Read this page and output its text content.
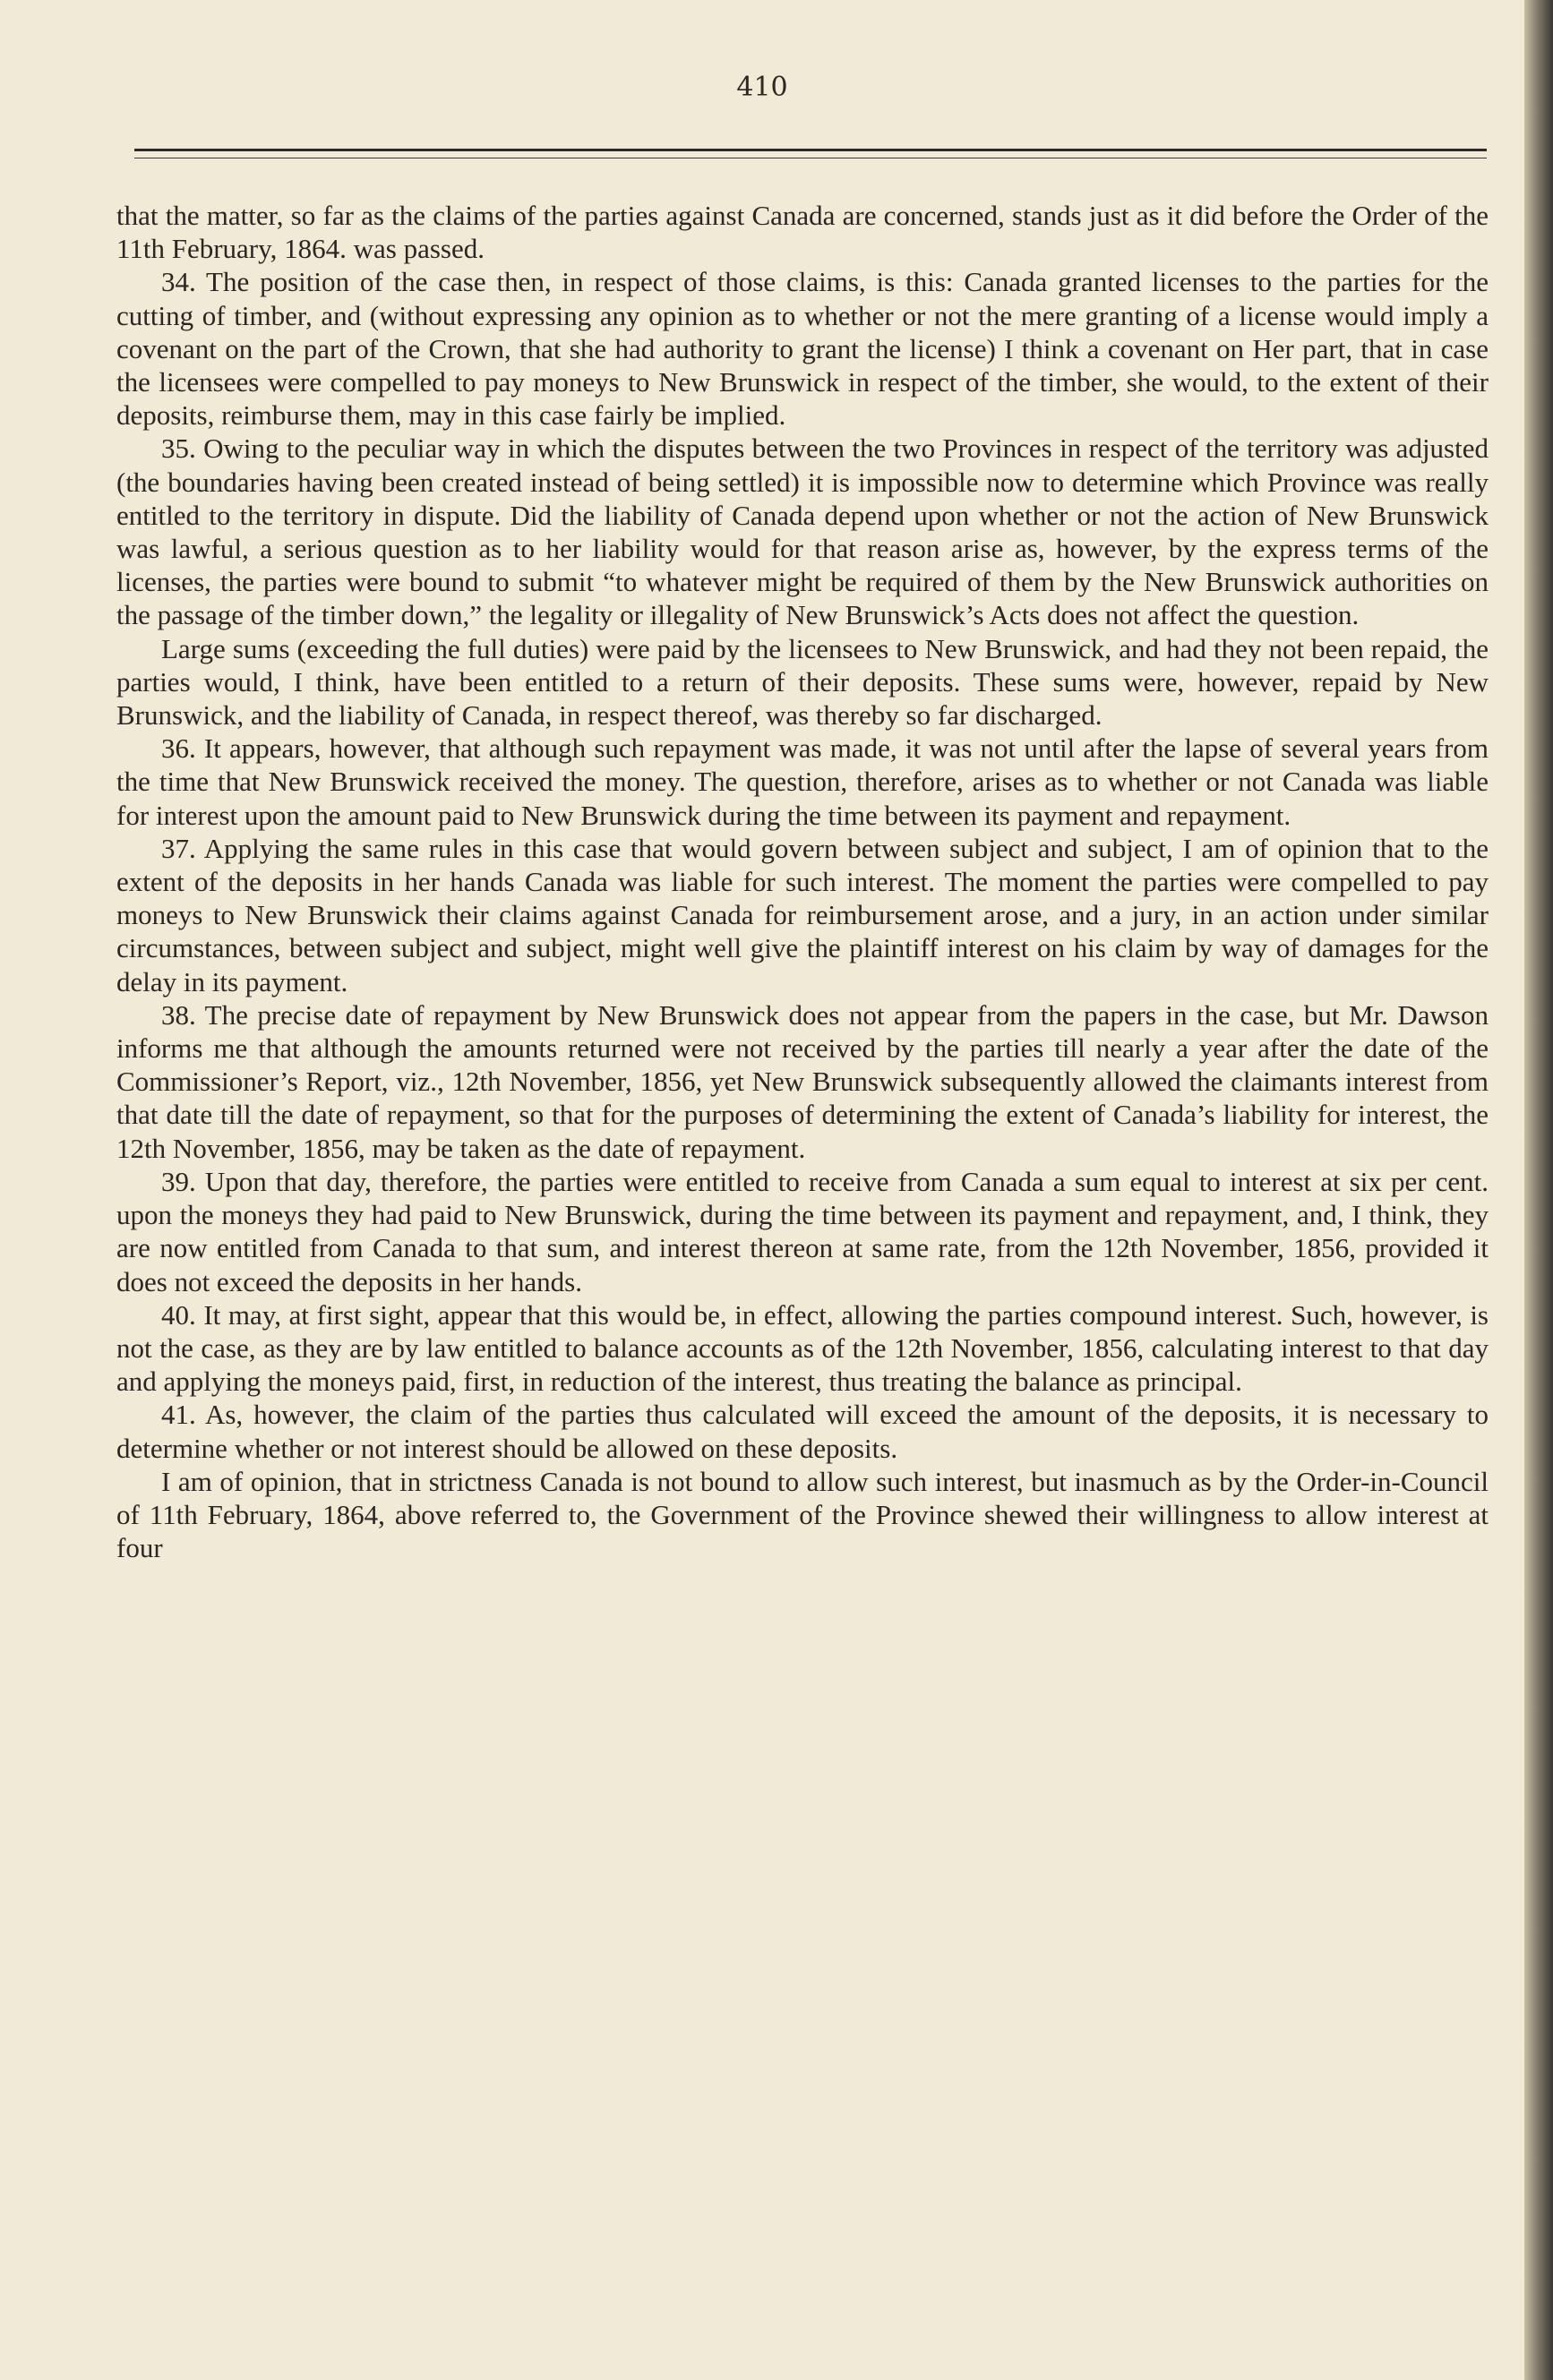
410

that the matter, so far as the claims of the parties against Canada are concerned, stands just as it did before the Order of the 11th February, 1864. was passed.

34. The position of the case then, in respect of those claims, is this: Canada granted licenses to the parties for the cutting of timber, and (without expressing any opinion as to whether or not the mere granting of a license would imply a covenant on the part of the Crown, that she had authority to grant the license) I think a covenant on Her part, that in case the licensees were compelled to pay moneys to New Brunswick in respect of the timber, she would, to the extent of their deposits, reimburse them, may in this case fairly be implied.

35. Owing to the peculiar way in which the disputes between the two Provinces in respect of the territory was adjusted (the boundaries having been created instead of being settled) it is impossible now to determine which Province was really entitled to the territory in dispute. Did the liability of Canada depend upon whether or not the action of New Brunswick was lawful, a serious question as to her liability would for that reason arise as, however, by the express terms of the licenses, the parties were bound to submit “to whatever might be required of them by the New Brunswick authorities on the passage of the timber down,” the legality or illegality of New Brunswick’s Acts does not affect the question.

Large sums (exceeding the full duties) were paid by the licensees to New Brunswick, and had they not been repaid, the parties would, I think, have been entitled to a return of their deposits. These sums were, however, repaid by New Brunswick, and the liability of Canada, in respect thereof, was thereby so far discharged.

36. It appears, however, that although such repayment was made, it was not until after the lapse of several years from the time that New Brunswick received the money. The question, therefore, arises as to whether or not Canada was liable for interest upon the amount paid to New Brunswick during the time between its payment and repayment.

37. Applying the same rules in this case that would govern between subject and subject, I am of opinion that to the extent of the deposits in her hands Canada was liable for such interest. The moment the parties were compelled to pay moneys to New Brunswick their claims against Canada for reimbursement arose, and a jury, in an action under similar circumstances, between subject and subject, might well give the plaintiff interest on his claim by way of damages for the delay in its payment.

38. The precise date of repayment by New Brunswick does not appear from the papers in the case, but Mr. Dawson informs me that although the amounts returned were not received by the parties till nearly a year after the date of the Commissioner’s Report, viz., 12th November, 1856, yet New Brunswick subsequently allowed the claimants interest from that date till the date of repayment, so that for the purposes of determining the extent of Canada’s liability for interest, the 12th November, 1856, may be taken as the date of repayment.

39. Upon that day, therefore, the parties were entitled to receive from Canada a sum equal to interest at six per cent. upon the moneys they had paid to New Brunswick, during the time between its payment and repayment, and, I think, they are now entitled from Canada to that sum, and interest thereon at same rate, from the 12th November, 1856, provided it does not exceed the deposits in her hands.

40. It may, at first sight, appear that this would be, in effect, allowing the parties compound interest. Such, however, is not the case, as they are by law entitled to balance accounts as of the 12th November, 1856, calculating interest to that day and applying the moneys paid, first, in reduction of the interest, thus treating the balance as principal.

41. As, however, the claim of the parties thus calculated will exceed the amount of the deposits, it is necessary to determine whether or not interest should be allowed on these deposits.

I am of opinion, that in strictness Canada is not bound to allow such interest, but inasmuch as by the Order-in-Council of 11th February, 1864, above referred to, the Government of the Province shewed their willingness to allow interest at four
